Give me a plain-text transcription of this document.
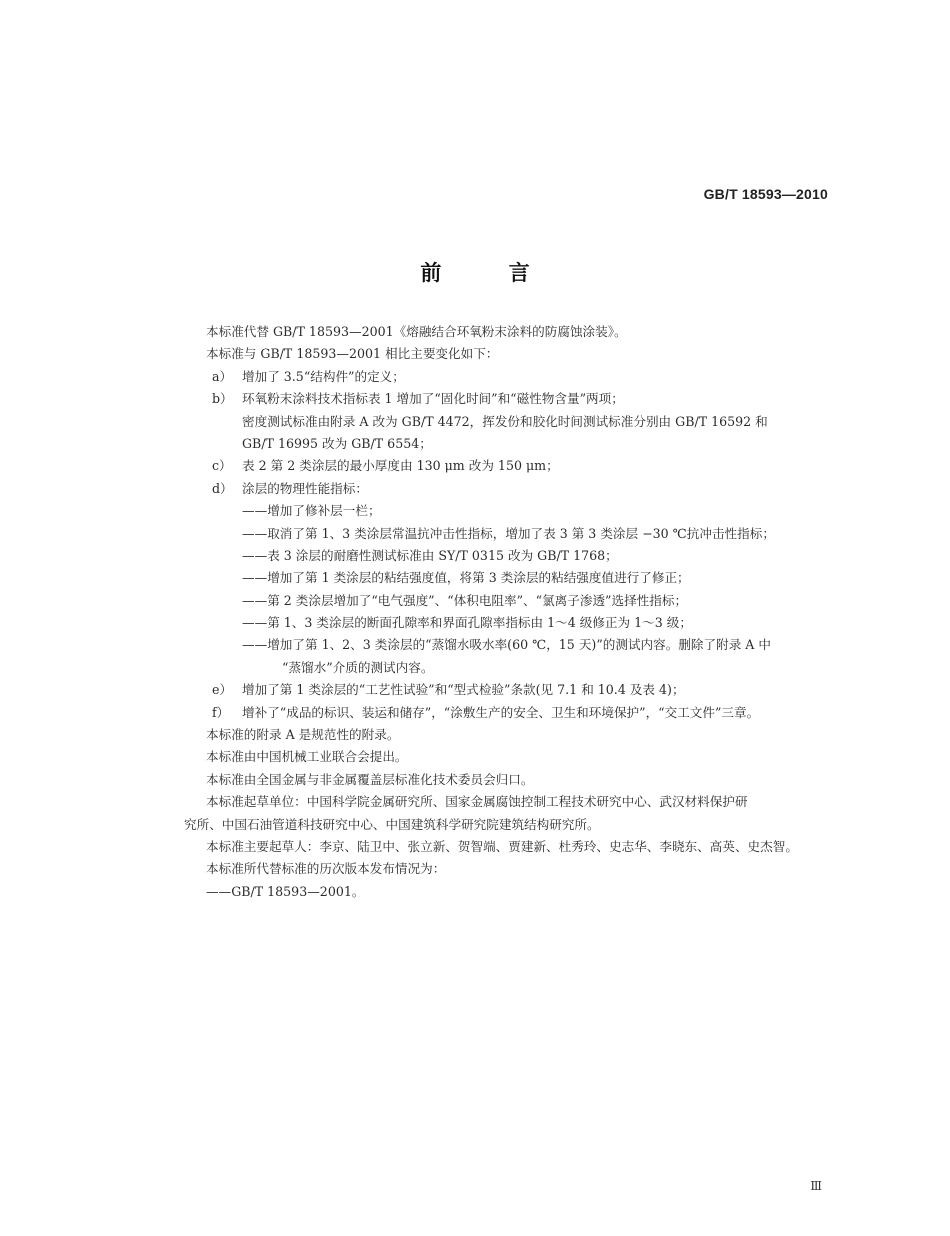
GB/T 18593—2010
前 言
本标准代替 GB/T 18593—2001《熔融结合环氧粉末涂料的防腐蚀涂装》。
本标准与 GB/T 18593—2001 相比主要变化如下：
a） 增加了 3.5“结构件”的定义；
b） 环氧粉末涂料技术指标表 1 增加了“固化时间”和“磁性物含量”两项；
密度测试标准由附录 A 改为 GB/T 4472，挥发份和胶化时间测试标准分别由 GB/T 16592 和
GB/T 16995 改为 GB/T 6554；
c） 表 2 第 2 类涂层的最小厚度由 130 μm 改为 150 μm；
d） 涂层的物理性能指标：
——增加了修补层一栏；
——取消了第 1、3 类涂层常温抗冲击性指标，增加了表 3 第 3 类涂层 −30 ℃抗冲击性指标；
——表 3 涂层的耐磨性测试标准由 SY/T 0315 改为 GB/T 1768；
——增加了第 1 类涂层的粘结强度值，将第 3 类涂层的粘结强度值进行了修正；
——第 2 类涂层增加了“电气强度”、“体积电阻率”、“氯离子渗透”选择性指标；
——第 1、3 类涂层的断面孔隙率和界面孔隙率指标由 1～4 级修正为 1～3 级；
——增加了第 1、2、3 类涂层的“蒸馏水吸水率(60 ℃，15 天)”的测试内容。删除了附录 A 中
“蒸馏水”介质的测试内容。
e） 增加了第 1 类涂层的“工艺性试验”和“型式检验”条款(见 7.1 和 10.4 及表 4)；
f） 增补了“成品的标识、装运和储存”，“涂敷生产的安全、卫生和环境保护”，“交工文件”三章。
本标准的附录 A 是规范性的附录。
本标准由中国机械工业联合会提出。
本标准由全国金属与非金属覆盖层标准化技术委员会归口。
本标准起草单位：中国科学院金属研究所、国家金属腐蚀控制工程技术研究中心、武汉材料保护研
究所、中国石油管道科技研究中心、中国建筑科学研究院建筑结构研究所。
本标准主要起草人：李京、陆卫中、张立新、贺智端、贾建新、杜秀玲、史志华、李晓东、高英、史杰智。
本标准所代替标准的历次版本发布情况为：
——GB/T 18593—2001。
Ⅲ
